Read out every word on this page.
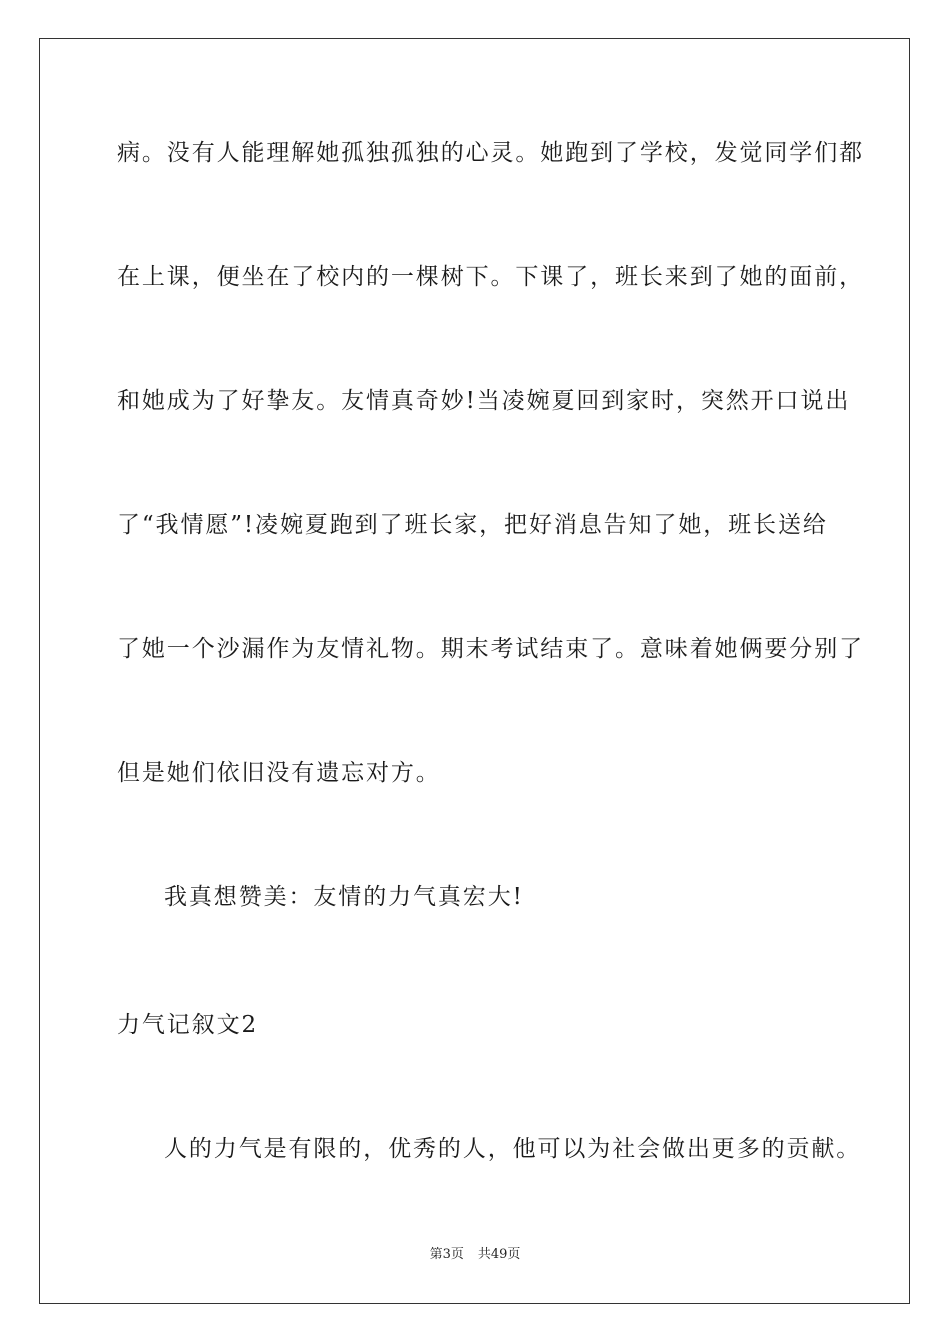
病。没有人能理解她孤独孤独的心灵。她跑到了学校，发觉同学们都
在上课，便坐在了校内的一棵树下。下课了，班长来到了她的面前，
和她成为了好挚友。友情真奇妙!当凌婉夏回到家时，突然开口说出
了“我情愿”!凌婉夏跑到了班长家，把好消息告知了她，班长送给
了她一个沙漏作为友情礼物。期末考试结束了。意味着她俩要分别了
但是她们依旧没有遗忘对方。
我真想赞美：友情的力气真宏大!
力气记叙文2
人的力气是有限的，优秀的人，他可以为社会做出更多的贡献。
第3页 共49页
